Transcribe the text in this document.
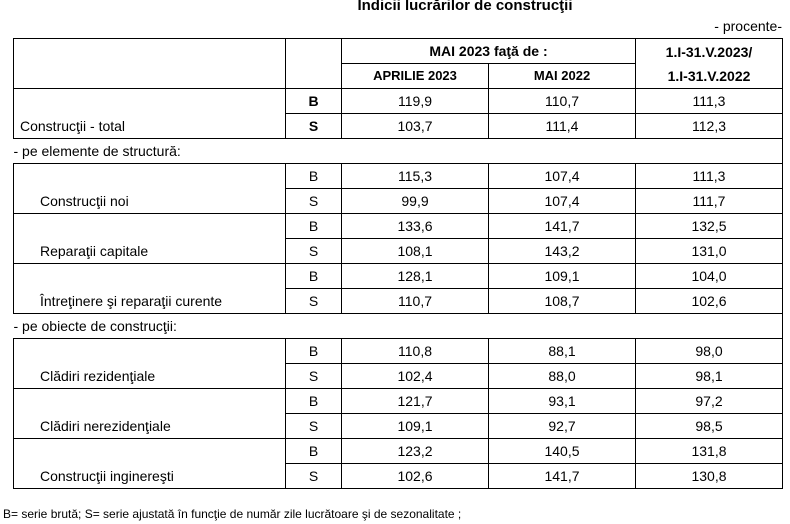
Indicii lucrărilor de construcţii
- procente-
		MAI 2023 faţă de :		1.I-31.V.2023/
1.I-31.V.2022
		APRILIE 2023	MAI 2022	

Construcţii - total	B	119,9	110,7	111,3
	S	103,7	111,4	112,3
- pe elemente de structură:				

Construcţii noi	B	115,3	107,4	111,3
	S	99,9	107,4	111,7

Reparaţii capitale	B	133,6	141,7	132,5
	S	108,1	143,2	131,0

Întreţinere şi reparaţii curente	B	128,1	109,1	104,0
	S	110,7	108,7	102,6
- pe obiecte de construcţii:				

Clădiri rezidenţiale	B	110,8	88,1	98,0
	S	102,4	88,0	98,1

Clădiri nerezidenţiale	B	121,7	93,1	97,2
	S	109,1	92,7	98,5

Construcţii inginereşti	B	123,2	140,5	131,8
	S	102,6	141,7	130,8
B= serie brută; S= serie ajustată în funcţie de număr zile lucrătoare şi de sezonalitate ;
